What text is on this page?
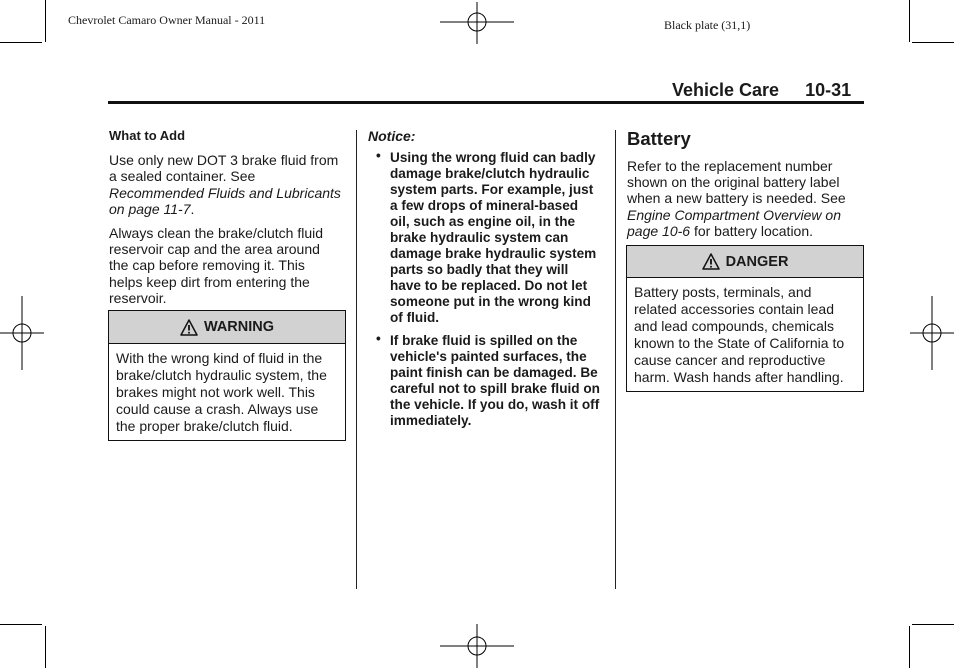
Chevrolet Camaro Owner Manual - 2011	Black plate (31,1)
Vehicle Care 10-31
What to Add

Use only new DOT 3 brake fluid from a sealed container. See Recommended Fluids and Lubricants on page 11-7.

Always clean the brake/clutch fluid reservoir cap and the area around the cap before removing it. This helps keep dirt from entering the reservoir.

WARNING
With the wrong kind of fluid in the brake/clutch hydraulic system, the brakes might not work well. This could cause a crash. Always use the proper brake/clutch fluid.
Notice:
• Using the wrong fluid can badly damage brake/clutch hydraulic system parts. For example, just a few drops of mineral-based oil, such as engine oil, in the brake hydraulic system can damage brake hydraulic system parts so badly that they will have to be replaced. Do not let someone put in the wrong kind of fluid.
• If brake fluid is spilled on the vehicle's painted surfaces, the paint finish can be damaged. Be careful not to spill brake fluid on the vehicle. If you do, wash it off immediately.
Battery

Refer to the replacement number shown on the original battery label when a new battery is needed. See Engine Compartment Overview on page 10-6 for battery location.

DANGER
Battery posts, terminals, and related accessories contain lead and lead compounds, chemicals known to the State of California to cause cancer and reproductive harm. Wash hands after handling.
